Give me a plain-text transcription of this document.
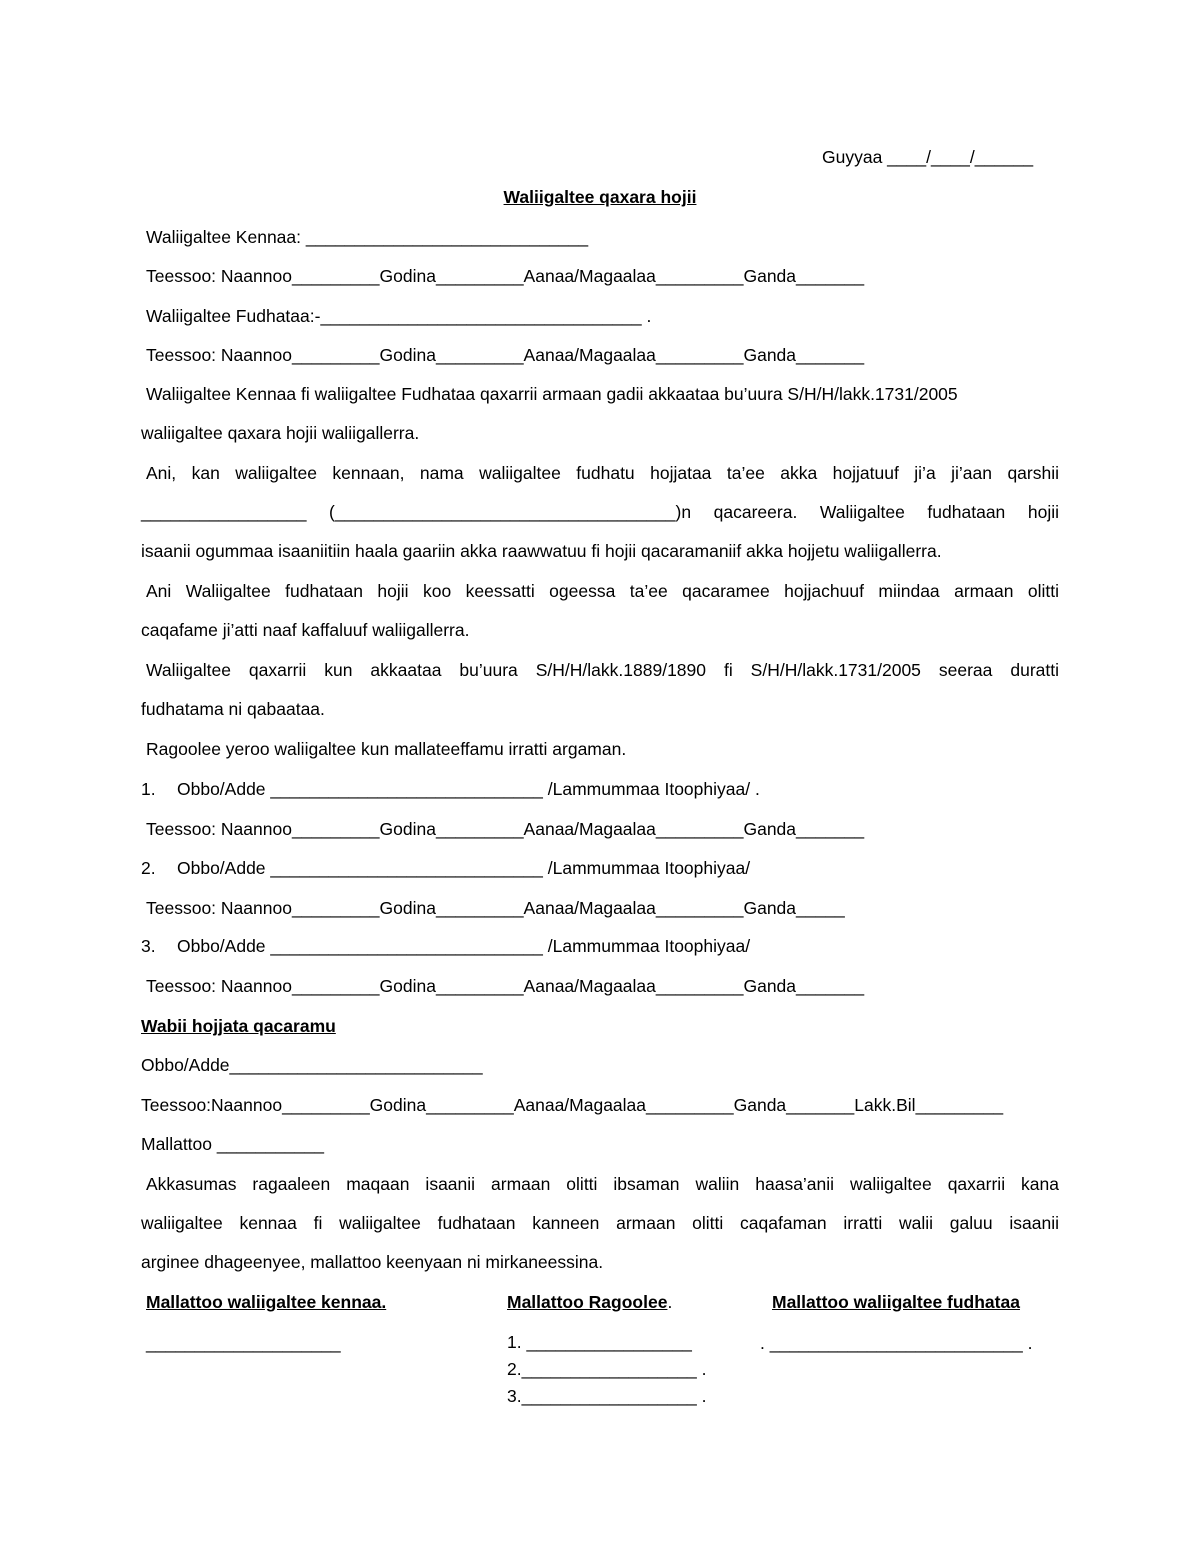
Guyyaa ____/____/______
Waliigaltee qaxara hojii
Waliigaltee Kennaa: _____________________________
Teessoo: Naannoo_________Godina_________Aanaa/Magaalaa_________Ganda_______
Waliigaltee Fudhataa:-_________________________________ .
Teessoo: Naannoo_________Godina_________Aanaa/Magaalaa_________Ganda_______
Waliigaltee Kennaa fi waliigaltee Fudhataa qaxarrii armaan gadii akkaataa bu’uura S/H/H/lakk.1731/2005
waliigaltee qaxara hojii waliigallerra.
Ani, kan waliigaltee kennaan, nama waliigaltee fudhatu hojjataa ta’ee akka hojjatuuf ji’a ji’aan qarshii
_________________ (___________________________________)n qacareera. Waliigaltee fudhataan hojii
isaanii ogummaa isaaniitiin haala gaariin akka raawwatuu fi hojii qacaramaniif akka hojjetu waliigallerra.
Ani Waliigaltee fudhataan hojii koo keessatti ogeessa ta’ee qacaramee hojjachuuf miindaa armaan olitti
caqafame ji’atti naaf kaffaluuf waliigallerra.
Waliigaltee qaxarrii kun akkaataa bu’uura S/H/H/lakk.1889/1890 fi S/H/H/lakk.1731/2005 seeraa duratti
fudhatama ni qabaataa.
Ragoolee yeroo waliigaltee kun mallateeffamu irratti argaman.
1. Obbo/Adde ____________________________ /Lammummaa Itoophiyaa/ .
Teessoo: Naannoo_________Godina_________Aanaa/Magaalaa_________Ganda_______
2. Obbo/Adde ____________________________ /Lammummaa Itoophiyaa/
Teessoo: Naannoo_________Godina_________Aanaa/Magaalaa_________Ganda_____
3. Obbo/Adde ____________________________ /Lammummaa Itoophiyaa/
Teessoo: Naannoo_________Godina_________Aanaa/Magaalaa_________Ganda_______
Wabii hojjata qacaramu
Obbo/Adde__________________________
Teessoo:Naannoo_________Godina_________Aanaa/Magaalaa_________Ganda_______Lakk.Bil_________
Mallattoo ___________
Akkasumas ragaaleen maqaan isaanii armaan olitti ibsaman waliin haasa’anii waliigaltee qaxarrii kana
waliigaltee kennaa fi waliigaltee fudhataan kanneen armaan olitti caqafaman irratti walii galuu isaanii
arginee dhageenyee, mallattoo keenyaan ni mirkaneessina.
Mallattoo waliigaltee kennaa.
____________________
Mallattoo Ragoolee.
1. _________________
2.__________________ .
3.__________________ .
Mallattoo waliigaltee fudhataa
. __________________________ .
